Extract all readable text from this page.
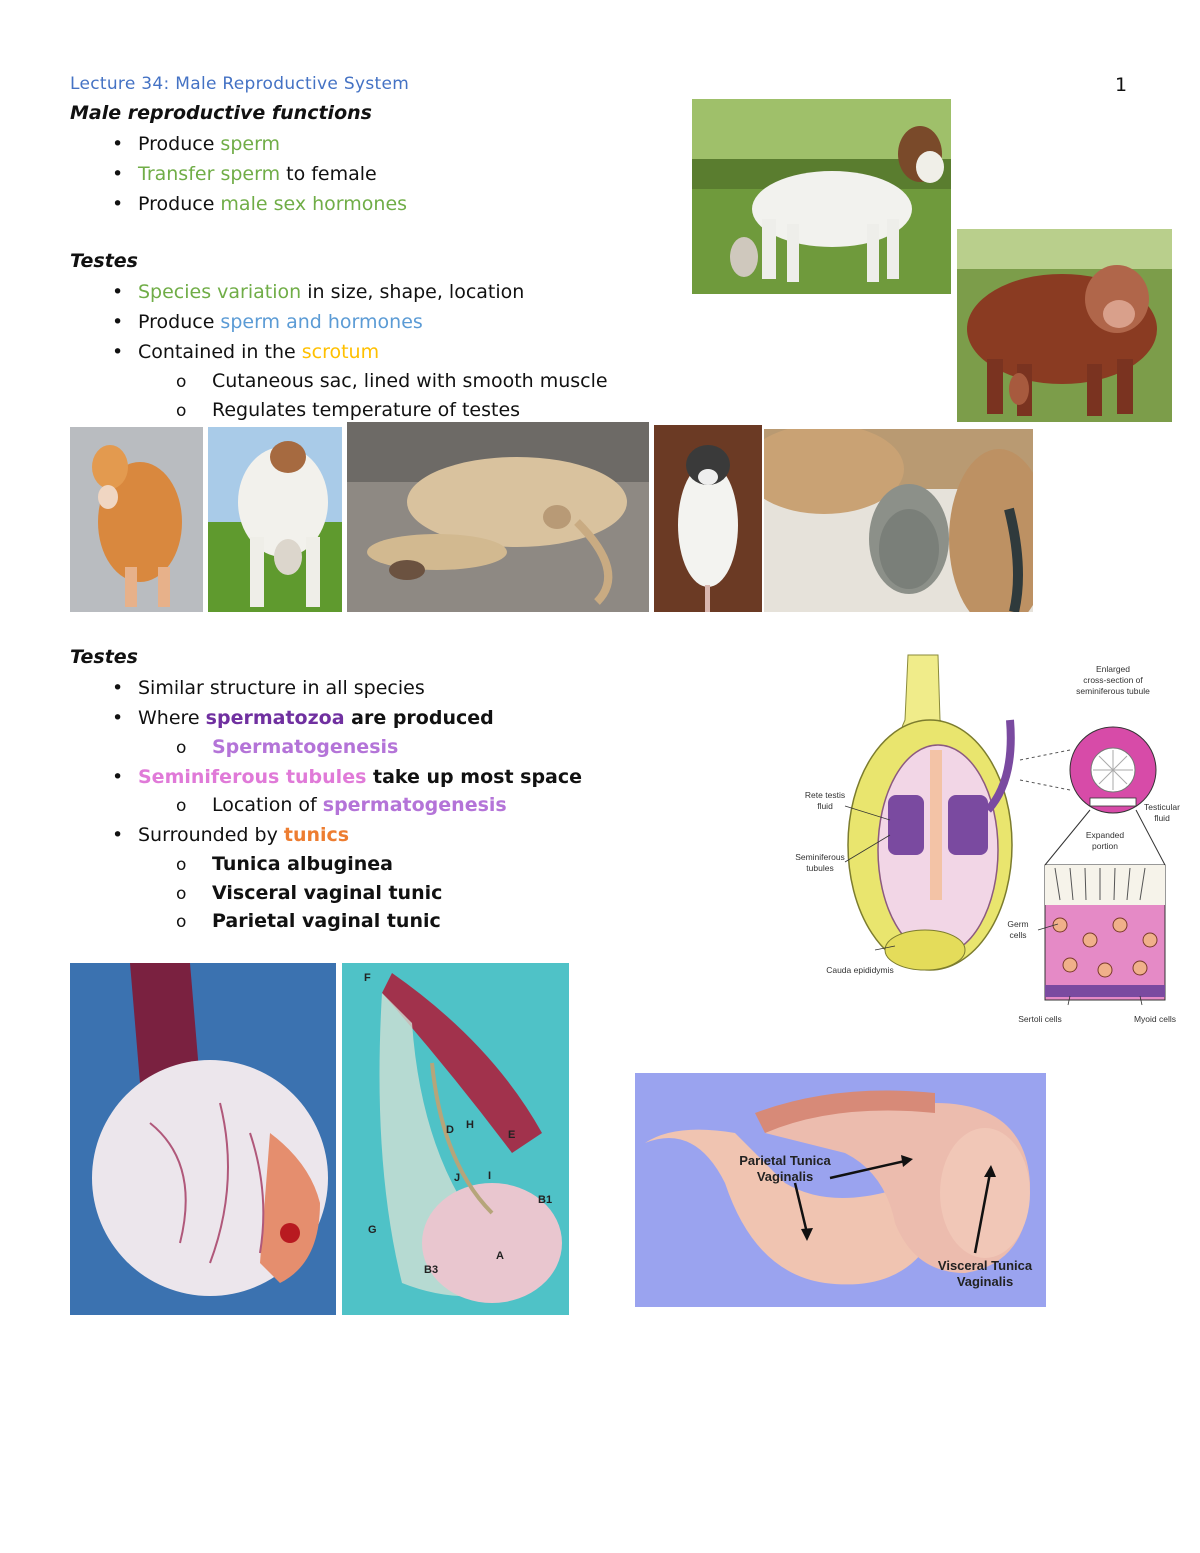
Lecture 34: Male Reproductive System	1
Male reproductive functions
• Produce sperm
• Transfer sperm to female
• Produce male sex hormones
Testes
• Species variation in size, shape, location
• Produce sperm and hormones
• Contained in the scrotum
o Cutaneous sac, lined with smooth muscle
o Regulates temperature of testes
Testes
• Similar structure in all species
• Where spermatozoa are produced
o Spermatogenesis
• Seminiferous tubules take up most space
o Location of spermatogenesis
• Surrounded by tunics
o Tunica albuginea
o Visceral vaginal tunic
o Parietal vaginal tunic
Enlarged
cross-section of
seminiferous tubule
Rete testis
fluid	Testicular
fluid
Expanded
portion
Seminiferous
tubules
Germ
cells
Cauda epididymis
Sertoli cells	Myoid cells
F
D H
E
J	I
B1
G
A
B3
Parietal Tunica
Vaginalis
Visceral Tunica
Vaginalis
